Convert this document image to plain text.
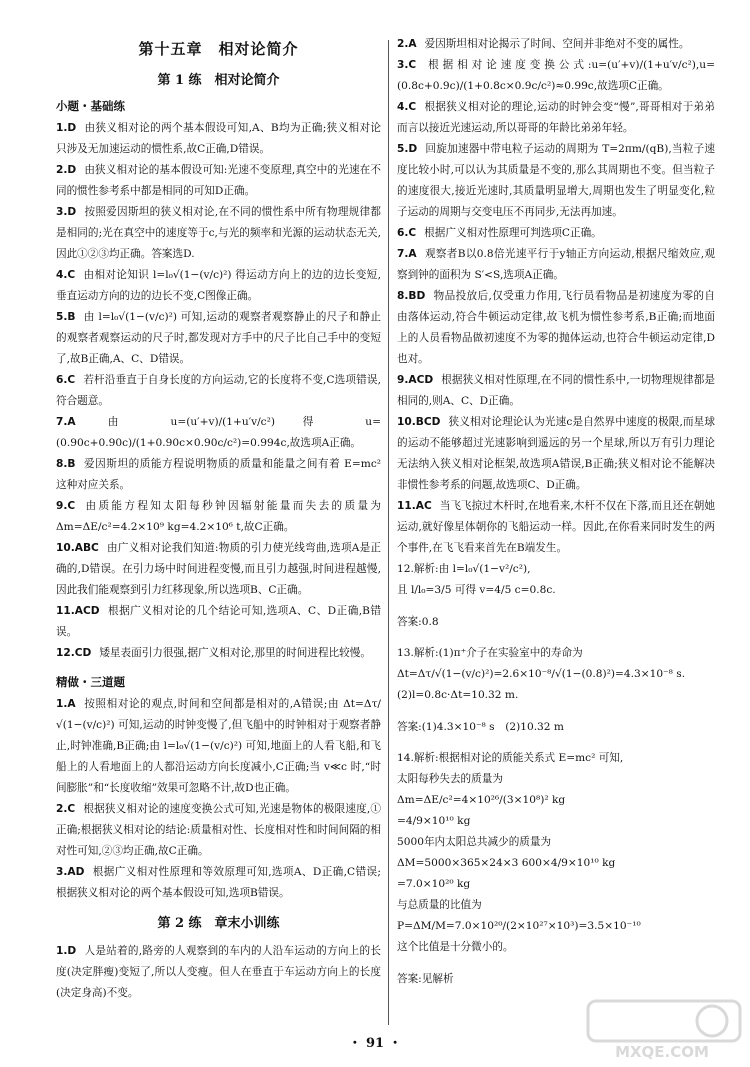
第十五章　相对论简介
第 1 练　相对论简介
小题・基础练

1.D 由狭义相对论的两个基本假设可知,A、B均为正确;狭义相对论只涉及无加速运动的惯性系,故C正确,D错误。

2.D 由狭义相对论的基本假设可知:光速不变原理,真空中的光速在不同的惯性参考系中都是相同的可知D正确。

3.D 按照爱因斯坦的狭义相对论,在不同的惯性系中所有物理规律都是相同的;光在真空中的速度等于c,与光的频率和光源的运动状态无关,因此①②③均正确。答案选D.

4.C 由相对论知识 l=l₀√(1−(v/c)²) 得运动方向上的边的边长变短,垂直运动方向的边的边长不变,C图像正确。

5.B 由 l=l₀√(1−(v/c)²) 可知,运动的观察者观察静止的尺子和静止的观察者观察运动的尺子时,都发现对方手中的尺子比自己手中的变短了,故B正确,A、C、D错误。

6.C 若杆沿垂直于自身长度的方向运动,它的长度将不变,C选项错误,符合题意。

7.A 由 u=(u′+v)/(1+u′v/c²) 得 u=(0.90c+0.90c)/(1+0.90c×0.90c/c²)=0.994c,故选项A正确。

8.B 爱因斯坦的质能方程说明物质的质量和能量之间有着 E=mc² 这种对应关系。

9.C 由质能方程知太阳每秒钟因辐射能量而失去的质量为 Δm=ΔE/c²=4.2×10⁹ kg=4.2×10⁶ t,故C正确。

10.ABC 由广义相对论我们知道:物质的引力使光线弯曲,选项A是正确的,D错误。在引力场中时间进程变慢,而且引力越强,时间进程越慢,因此我们能观察到引力红移现象,所以选项B、C正确。

11.ACD 根据广义相对论的几个结论可知,选项A、C、D正确,B错误。

12.CD 矮星表面引力很强,据广义相对论,那里的时间进程比较慢。

精做・三道题

1.A 按照相对论的观点,时间和空间都是相对的,A错误;由 Δt=Δτ/√(1−(v/c)²) 可知,运动的时钟变慢了,但飞船中的时钟相对于观察者静止,时钟准确,B正确;由 l=l₀√(1−(v/c)²) 可知,地面上的人看飞船,和飞船上的人看地面上的人都沿运动方向长度减小,C正确;当 v≪c 时,“时间膨胀”和“长度收缩”效果可忽略不计,故D也正确。

2.C 根据狭义相对论的速度变换公式可知,光速是物体的极限速度,①正确;根据狭义相对论的结论:质量相对性、长度相对性和时间间隔的相对性可知,②③均正确,故C正确。

3.AD 根据广义相对性原理和等效原理可知,选项A、D正确,C错误;根据狭义相对论的两个基本假设可知,选项B错误。

第 2 练　章末小训练

1.D 人是站着的,路旁的人观察到的车内的人沿车运动的方向上的长度(决定胖瘦)变短了,所以人变瘦。但人在垂直于车运动方向上的长度(决定身高)不变。

2.A 爱因斯坦相对论揭示了时间、空间并非绝对不变的属性。

3.C 根据相对论速度变换公式:u=(u′+v)/(1+u′v/c²),u=(0.8c+0.9c)/(1+0.8c×0.9c/c²)≈0.99c,故选项C正确。

4.C 根据狭义相对论的理论,运动的时钟会变“慢”,哥哥相对于弟弟而言以接近光速运动,所以哥哥的年龄比弟弟年轻。

5.D 回旋加速器中带电粒子运动的周期为 T=2πm/(qB),当粒子速度比较小时,可以认为其质量是不变的,那么其周期也不变。但当粒子的速度很大,接近光速时,其质量明显增大,周期也发生了明显变化,粒子运动的周期与交变电压不再同步,无法再加速。

6.C 根据广义相对性原理可判选项C正确。

7.A 观察者B以0.8倍光速平行于y轴正方向运动,根据尺缩效应,观察到钟的面积为 S′<S,选项A正确。

8.BD 物品投放后,仅受重力作用,飞行员看物品是初速度为零的自由落体运动,符合牛顿运动定律,故飞机为惯性参考系,B正确;而地面上的人员看物品做初速度不为零的抛体运动,也符合牛顿运动定律,D也对。

9.ACD 根据狭义相对性原理,在不同的惯性系中,一切物理规律都是相同的,则A、C、D正确。

10.BCD 狭义相对论理论认为光速c是自然界中速度的极限,而星球的运动不能够超过光速影响到遥远的另一个星球,所以万有引力理论无法纳入狭义相对论框架,故选项A错误,B正确;狭义相对论不能解决非惯性参考系的问题,故选项C、D正确。

11.AC 当飞飞掠过木杆时,在地看来,木杆不仅在下落,而且还在朝她运动,就好像星体朝你的飞船运动一样。因此,在你看来同时发生的两个事件,在飞飞看来首先在B端发生。

12.解析:由 l=l₀√(1−v²/c²),

且 l/l₀=3/5 可得 v=4/5 c=0.8c.

答案:0.8

13.解析:(1)π⁺介子在实验室中的寿命为

Δt=Δτ/√(1−(v/c)²)=2.6×10⁻⁸/√(1−(0.8)²)=4.3×10⁻⁸ s.

(2)l=0.8c·Δt=10.32 m.

答案:(1)4.3×10⁻⁸ s　(2)10.32 m

14.解析:根据相对论的质能关系式 E=mc² 可知,

太阳每秒失去的质量为

Δm=ΔE/c²=4×10²⁶/(3×10⁸)² kg

=4/9×10¹⁰ kg

5000年内太阳总共减少的质量为

ΔM=5000×365×24×3 600×4/9×10¹⁰ kg

=7.0×10²⁰ kg

与总质量的比值为

P=ΔM/M=7.0×10²⁰/(2×10²⁷×10³)=3.5×10⁻¹⁰

这个比值是十分微小的。

答案:见解析

・ 91 ・	MXQE.COM
